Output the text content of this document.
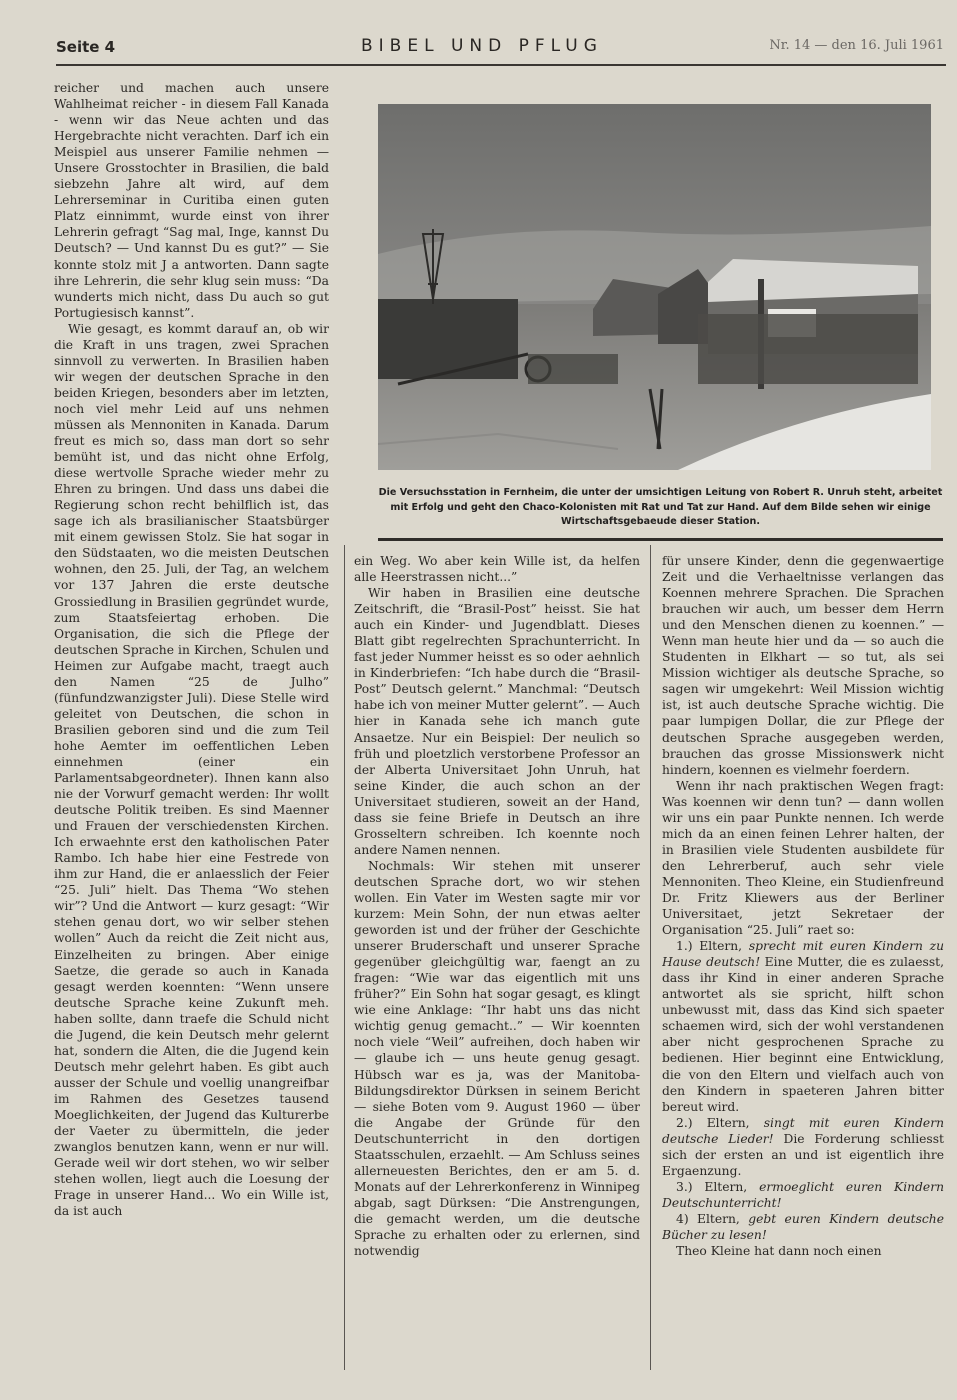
Seite 4	BIBEL UND PFLUG	Nr. 14 — den 16. Juli 1961

reicher und machen auch unsere Wahlheimat reicher - in diesem Fall Kanada - wenn wir das Neue achten und das Hergebrachte nicht verachten. Darf ich ein Meispiel aus unserer Familie nehmen — Unsere Grosstochter in Brasilien, die bald siebzehn Jahre alt wird, auf dem Lehrerseminar in Curitiba einen guten Platz einnimmt, wurde einst von ihrer Lehrerin gefragt “Sag mal, Inge, kannst Du Deutsch? — Und kannst Du es gut?” — Sie konnte stolz mit J a antworten. Dann sagte ihre Lehrerin, die sehr klug sein muss: “Da wunderts mich nicht, dass Du auch so gut Portugiesisch kannst”.

Wie gesagt, es kommt darauf an, ob wir die Kraft in uns tragen, zwei Sprachen sinnvoll zu verwerten. In Brasilien haben wir wegen der deutschen Sprache in den beiden Kriegen, besonders aber im letzten, noch viel mehr Leid auf uns nehmen müssen als Mennoniten in Kanada. Darum freut es mich so, dass man dort so sehr bemüht ist, und das nicht ohne Erfolg, diese wertvolle Sprache wieder mehr zu Ehren zu bringen. Und dass uns dabei die Regierung schon recht behilflich ist, das sage ich als brasilianischer Staatsbürger mit einem gewissen Stolz. Sie hat sogar in den Südstaaten, wo die meisten Deutschen wohnen, den 25. Juli, der Tag, an welchem vor 137 Jahren die erste deutsche Grossiedlung in Brasilien gegründet wurde, zum Staatsfeiertag erhoben. Die Organisation, die sich die Pflege der deutschen Sprache in Kirchen, Schulen und Heimen zur Aufgabe macht, traegt auch den Namen “25 de Julho” (fünfundzwanzigster Juli). Diese Stelle wird geleitet von Deutschen, die schon in Brasilien geboren sind und die zum Teil hohe Aemter im oeffentlichen Leben einnehmen (einer ein Parlamentsabgeordneter). Ihnen kann also nie der Vorwurf gemacht werden: Ihr wollt deutsche Politik treiben. Es sind Maenner und Frauen der verschiedensten Kirchen. Ich erwaehnte erst den katholischen Pater Rambo. Ich habe hier eine Festrede von ihm zur Hand, die er anlaesslich der Feier “25. Juli” hielt. Das Thema “Wo stehen wir”? Und die Antwort — kurz gesagt: “Wir stehen genau dort, wo wir selber stehen wollen” Auch da reicht die Zeit nicht aus, Einzelheiten zu bringen. Aber einige Saetze, die gerade so auch in Kanada gesagt werden koennten: “Wenn unsere deutsche Sprache keine Zukunft meh. haben sollte, dann traefe die Schuld nicht die Jugend, die kein Deutsch mehr gelernt hat, sondern die Alten, die die Jugend kein Deutsch mehr gelehrt haben. Es gibt auch ausser der Schule und voellig unangreifbar im Rahmen des Gesetzes tausend Moeglichkeiten, der Jugend das Kulturerbe der Vaeter zu übermitteln, die jeder zwanglos benutzen kann, wenn er nur will. Gerade weil wir dort stehen, wo wir selber stehen wollen, liegt auch die Loesung der Frage in unserer Hand... Wo ein Wille ist, da ist auch

Die Versuchsstation in Fernheim, die unter der umsichtigen Leitung von Robert R. Unruh steht, arbeitet mit Erfolg und geht den Chaco-Kolonisten mit Rat und Tat zur Hand. Auf dem Bilde sehen wir einige Wirtschaftsgebaeude dieser Station.

ein Weg. Wo aber kein Wille ist, da helfen alle Heerstrassen nicht...”

Wir haben in Brasilien eine deutsche Zeitschrift, die “Brasil-Post” heisst. Sie hat auch ein Kinder- und Jugendblatt. Dieses Blatt gibt regelrechten Sprachunterricht. In fast jeder Nummer heisst es so oder aehnlich in Kinderbriefen: “Ich habe durch die “Brasil-Post” Deutsch gelernt.” Manchmal: “Deutsch habe ich von meiner Mutter gelernt”. — Auch hier in Kanada sehe ich manch gute Ansaetze. Nur ein Beispiel: Der neulich so früh und ploetzlich verstorbene Professor an der Alberta Universitaet John Unruh, hat seine Kinder, die auch schon an der Universitaet studieren, soweit an der Hand, dass sie feine Briefe in Deutsch an ihre Grosseltern schreiben. Ich koennte noch andere Namen nennen.

Nochmals: Wir stehen mit unserer deutschen Sprache dort, wo wir stehen wollen. Ein Vater im Westen sagte mir vor kurzem: Mein Sohn, der nun etwas aelter geworden ist und der früher der Geschichte unserer Bruderschaft und unserer Sprache gegenüber gleichgültig war, faengt an zu fragen: “Wie war das eigentlich mit uns früher?” Ein Sohn hat sogar gesagt, es klingt wie eine Anklage: “Ihr habt uns das nicht wichtig genug gemacht..” — Wir koennten noch viele “Weil” aufreihen, doch haben wir — glaube ich — uns heute genug gesagt. Hübsch war es ja, was der Manitoba-Bildungsdirektor Dürksen in seinem Bericht — siehe Boten vom 9. August 1960 — über die Angabe der Gründe für den Deutschunterricht in den dortigen Staatsschulen, erzaehlt. — Am Schluss seines allerneuesten Berichtes, den er am 5. d. Monats auf der Lehrerkonferenz in Winnipeg abgab, sagt Dürksen: “Die Anstrengungen, die gemacht werden, um die deutsche Sprache zu erhalten oder zu erlernen, sind notwendig

für unsere Kinder, denn die gegenwaertige Zeit und die Verhaeltnisse verlangen das Koennen mehrere Sprachen. Die Sprachen brauchen wir auch, um besser dem Herrn und den Menschen dienen zu koennen.” — Wenn man heute hier und da — so auch die Studenten in Elkhart — so tut, als sei Mission wichtiger als deutsche Sprache, so sagen wir umgekehrt: Weil Mission wichtig ist, ist auch deutsche Sprache wichtig. Die paar lumpigen Dollar, die zur Pflege der deutschen Sprache ausgegeben werden, brauchen das grosse Missionswerk nicht hindern, koennen es vielmehr foerdern.

Wenn ihr nach praktischen Wegen fragt: Was koennen wir denn tun? — dann wollen wir uns ein paar Punkte nennen. Ich werde mich da an einen feinen Lehrer halten, der in Brasilien viele Studenten ausbildete für den Lehrerberuf, auch sehr viele Mennoniten. Theo Kleine, ein Studienfreund Dr. Fritz Kliewers aus der Berliner Universitaet, jetzt Sekretaer der Organisation “25. Juli” raet so:

1.) Eltern, sprecht mit euren Kindern zu Hause deutsch! Eine Mutter, die es zulaesst, dass ihr Kind in einer anderen Sprache antwortet als sie spricht, hilft schon unbewusst mit, dass das Kind sich spaeter schaemen wird, sich der wohl verstandenen aber nicht gesprochenen Sprache zu bedienen. Hier beginnt eine Entwicklung, die von den Eltern und vielfach auch von den Kindern in spaeteren Jahren bitter bereut wird.

2.) Eltern, singt mit euren Kindern deutsche Lieder! Die Forderung schliesst sich der ersten an und ist eigentlich ihre Ergaenzung.

3.) Eltern, ermoeglicht euren Kindern Deutschunterricht!

4) Eltern, gebt euren Kindern deutsche Bücher zu lesen!

Theo Kleine hat dann noch einen
